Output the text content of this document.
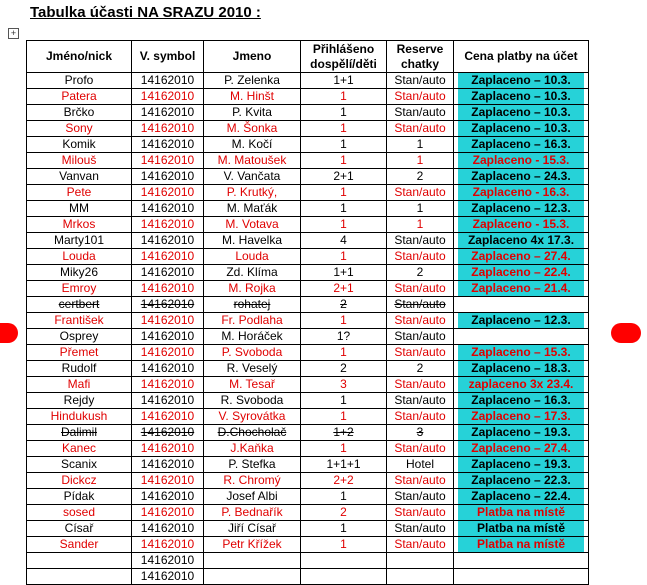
Tabulka účasti NA SRAZU 2010 :
+
Jméno/nick	V. symbol	Jmeno	Přihlášeno dospělí/děti	Reserve chatky	Cena platby na účet
Profo	14162010	P. Zelenka	1+1	Stan/auto	Zaplaceno – 10.3.
Patera	14162010	M. Hinšt	1	Stan/auto	Zaplaceno – 10.3.
Brčko	14162010	P. Kvita	1	Stan/auto	Zaplaceno – 10.3.
Sony	14162010	M. Šonka	1	Stan/auto	Zaplaceno – 10.3.
Komik	14162010	M. Kočí	1	1	Zaplaceno – 16.3.
Milouš	14162010	M. Matoušek	1	1	Zaplaceno - 15.3.
Vanvan	14162010	V. Vančata	2+1	2	Zaplaceno – 24.3.
Pete	14162010	P. Krutký,	1	Stan/auto	Zaplaceno - 16.3.
MM	14162010	M. Maťák	1	1	Zaplaceno – 12.3.
Mrkos	14162010	M. Votava	1	1	Zaplaceno - 15.3.
Marty101	14162010	M. Havelka	4	Stan/auto	Zaplaceno 4x 17.3.
Louda	14162010	Louda	1	Stan/auto	Zaplaceno – 27.4.
Miky26	14162010	Zd. Klíma	1+1	2	Zaplaceno – 22.4.
Emroy	14162010	M. Rojka	2+1	Stan/auto	Zaplaceno – 21.4.
certbert	14162010	rohatej	2	Stan/auto	
František	14162010	Fr. Podlaha	1	Stan/auto	Zaplaceno – 12.3.
Osprey	14162010	M. Horáček	1?	Stan/auto	
Přemet	14162010	P. Svoboda	1	Stan/auto	Zaplaceno – 15.3.
Rudolf	14162010	R. Veselý	2	2	Zaplaceno – 18.3.
Mafi	14162010	M. Tesař	3	Stan/auto	zaplaceno 3x 23.4.
Rejdy	14162010	R. Svoboda	1	Stan/auto	Zaplaceno – 16.3.
Hindukush	14162010	V. Syrovátka	1	Stan/auto	Zaplaceno – 17.3.
Dalimil	14162010	D.Chocholač	1+2	3	Zaplaceno – 19.3.
Kanec	14162010	J.Kaňka	1	Stan/auto	Zaplaceno – 27.4.
Scanix	14162010	P. Stefka	1+1+1	Hotel	Zaplaceno – 19.3.
Dickcz	14162010	R. Chromý	2+2	Stan/auto	Zaplaceno – 22.3.
Pídak	14162010	Josef Albi	1	Stan/auto	Zaplaceno – 22.4.
sosed	14162010	P. Bednařík	2	Stan/auto	Platba na místě
Císař	14162010	Jiří Císař	1	Stan/auto	Platba na místě
Sander	14162010	Petr Křížek	1	Stan/auto	Platba na místě
	14162010				
	14162010				
